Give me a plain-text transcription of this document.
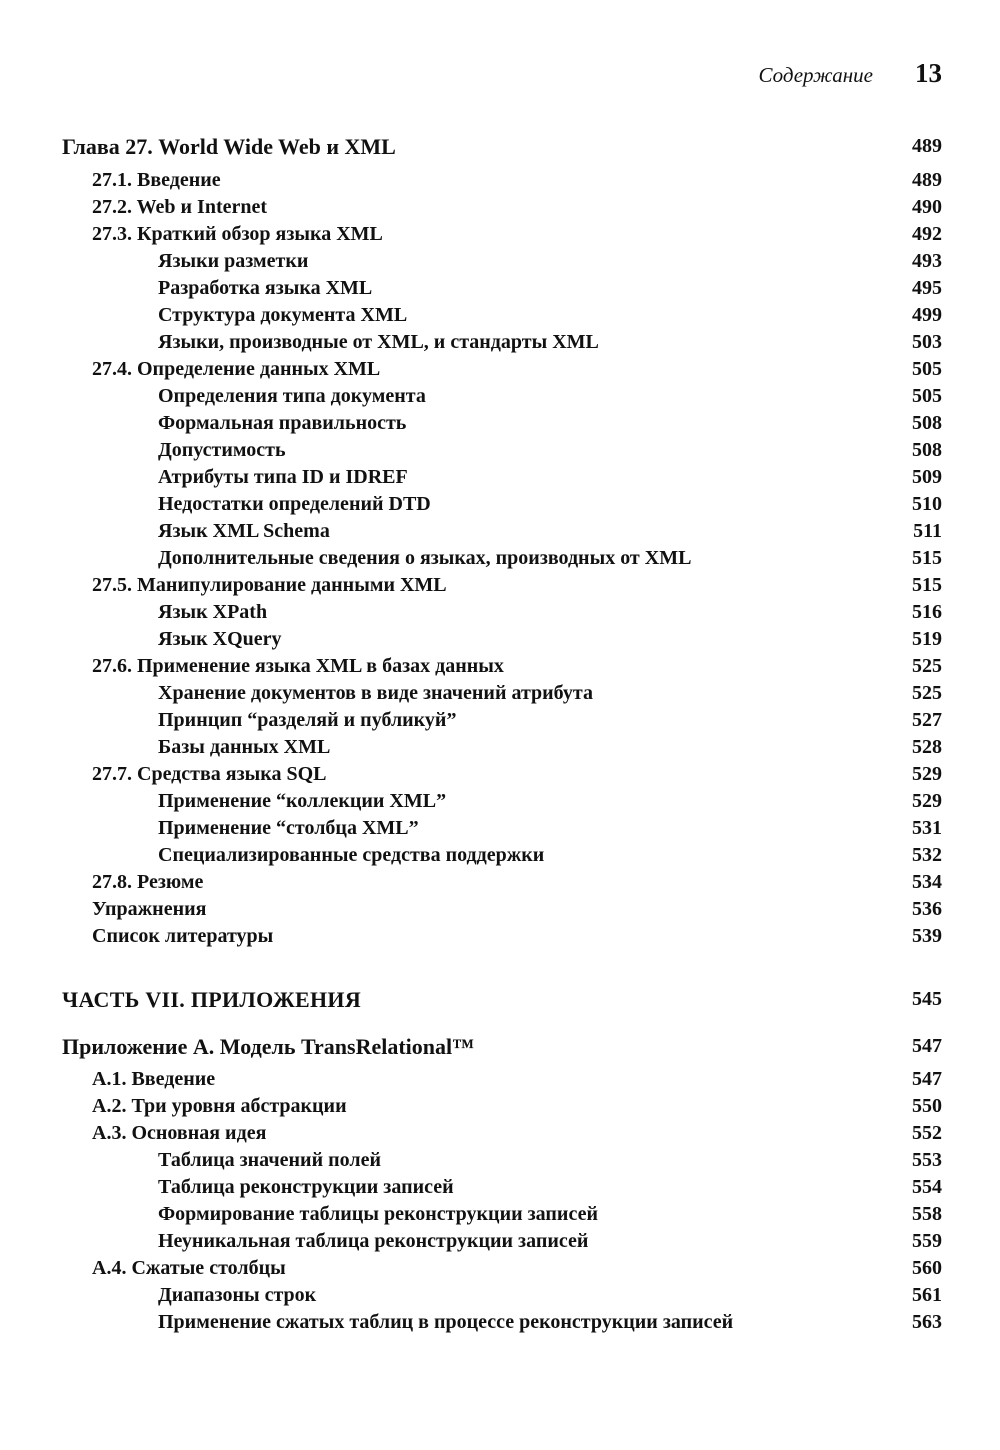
Содержание 13
Глава 27. World Wide Web и XML	489
27.1. Введение	489
27.2. Web и Internet	490
27.3. Краткий обзор языка XML	492
Языки разметки	493
Разработка языка XML	495
Структура документа XML	499
Языки, производные от XML, и стандарты XML	503
27.4. Определение данных XML	505
Определения типа документа	505
Формальная правильность	508
Допустимость	508
Атрибуты типа ID и IDREF	509
Недостатки определений DTD	510
Язык XML Schema	511
Дополнительные сведения о языках, производных от XML	515
27.5. Манипулирование данными XML	515
Язык XPath	516
Язык XQuery	519
27.6. Применение языка XML в базах данных	525
Хранение документов в виде значений атрибута	525
Принцип “разделяй и публикуй”	527
Базы данных XML	528
27.7. Средства языка SQL	529
Применение “коллекции XML”	529
Применение “столбца XML”	531
Специализированные средства поддержки	532
27.8. Резюме	534
Упражнения	536
Список литературы	539
ЧАСТЬ VII. ПРИЛОЖЕНИЯ	545
Приложение А. Модель TransRelational™	547
А.1. Введение	547
А.2. Три уровня абстракции	550
А.3. Основная идея	552
Таблица значений полей	553
Таблица реконструкции записей	554
Формирование таблицы реконструкции записей	558
Неуникальная таблица реконструкции записей	559
А.4. Сжатые столбцы	560
Диапазоны строк	561
Применение сжатых таблиц в процессе реконструкции записей	563
